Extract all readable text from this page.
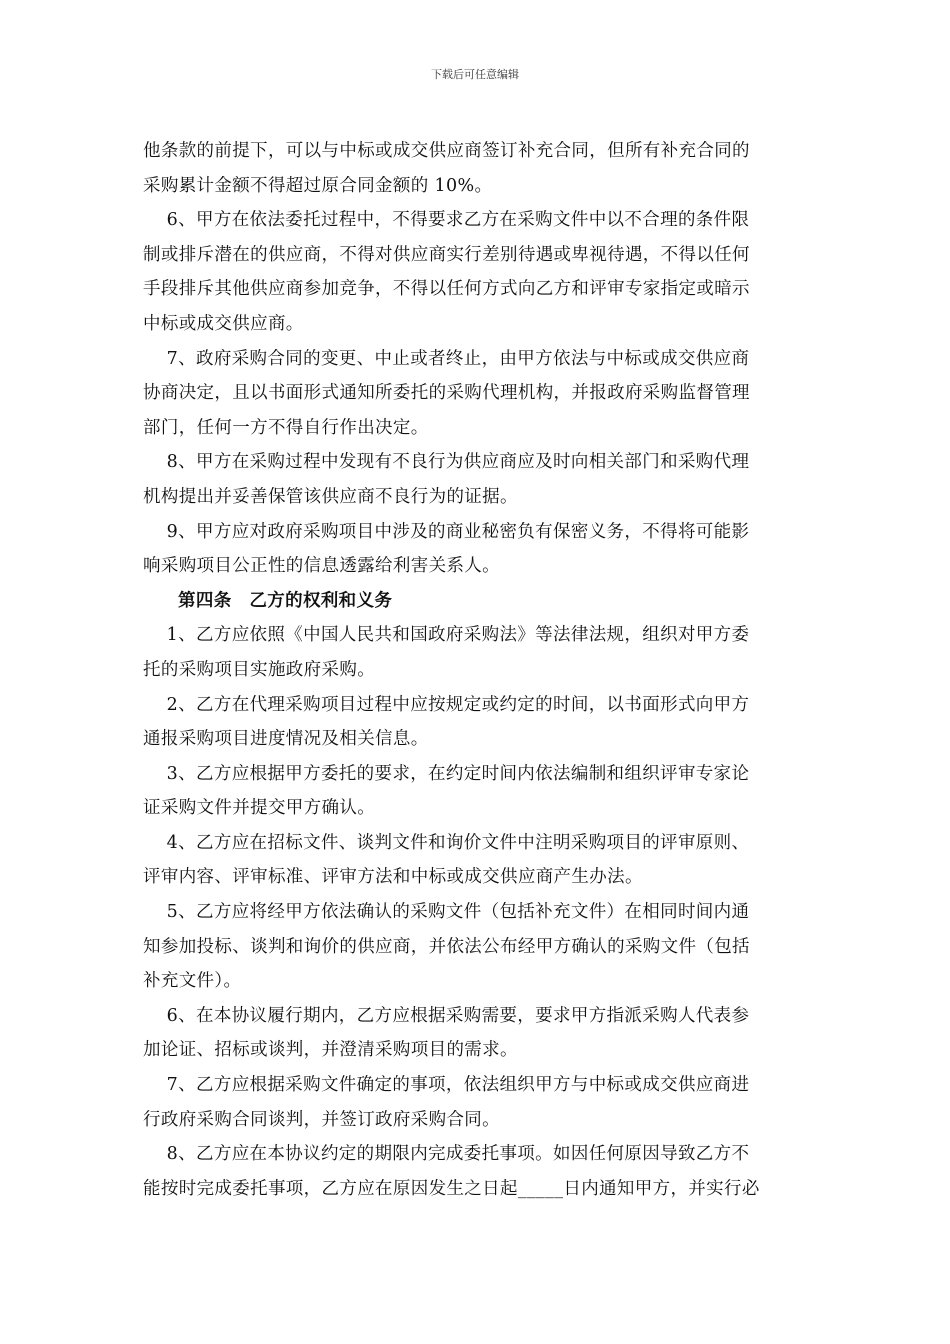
下载后可任意编辑

他条款的前提下，可以与中标或成交供应商签订补充合同，但所有补充合同的

采购累计金额不得超过原合同金额的 10%。

6、甲方在依法委托过程中，不得要求乙方在采购文件中以不合理的条件限

制或排斥潜在的供应商，不得对供应商实行差别待遇或卑视待遇，不得以任何

手段排斥其他供应商参加竞争，不得以任何方式向乙方和评审专家指定或暗示

中标或成交供应商。

7、政府采购合同的变更、中止或者终止，由甲方依法与中标或成交供应商

协商决定，且以书面形式通知所委托的采购代理机构，并报政府采购监督管理

部门，任何一方不得自行作出决定。

8、甲方在采购过程中发现有不良行为供应商应及时向相关部门和采购代理

机构提出并妥善保管该供应商不良行为的证据。

9、甲方应对政府采购项目中涉及的商业秘密负有保密义务，不得将可能影

响采购项目公正性的信息透露给利害关系人。

第四条　乙方的权利和义务

1、乙方应依照《中国人民共和国政府采购法》等法律法规，组织对甲方委

托的采购项目实施政府采购。

2、乙方在代理采购项目过程中应按规定或约定的时间，以书面形式向甲方

通报采购项目进度情况及相关信息。

3、乙方应根据甲方委托的要求，在约定时间内依法编制和组织评审专家论

证采购文件并提交甲方确认。

4、乙方应在招标文件、谈判文件和询价文件中注明采购项目的评审原则、

评审内容、评审标准、评审方法和中标或成交供应商产生办法。

5、乙方应将经甲方依法确认的采购文件（包括补充文件）在相同时间内通

知参加投标、谈判和询价的供应商，并依法公布经甲方确认的采购文件（包括

补充文件）。

6、在本协议履行期内，乙方应根据采购需要，要求甲方指派采购人代表参

加论证、招标或谈判，并澄清采购项目的需求。

7、乙方应根据采购文件确定的事项，依法组织甲方与中标或成交供应商进

行政府采购合同谈判，并签订政府采购合同。

8、乙方应在本协议约定的期限内完成委托事项。如因任何原因导致乙方不

能按时完成委托事项，乙方应在原因发生之日起_____日内通知甲方，并实行必
